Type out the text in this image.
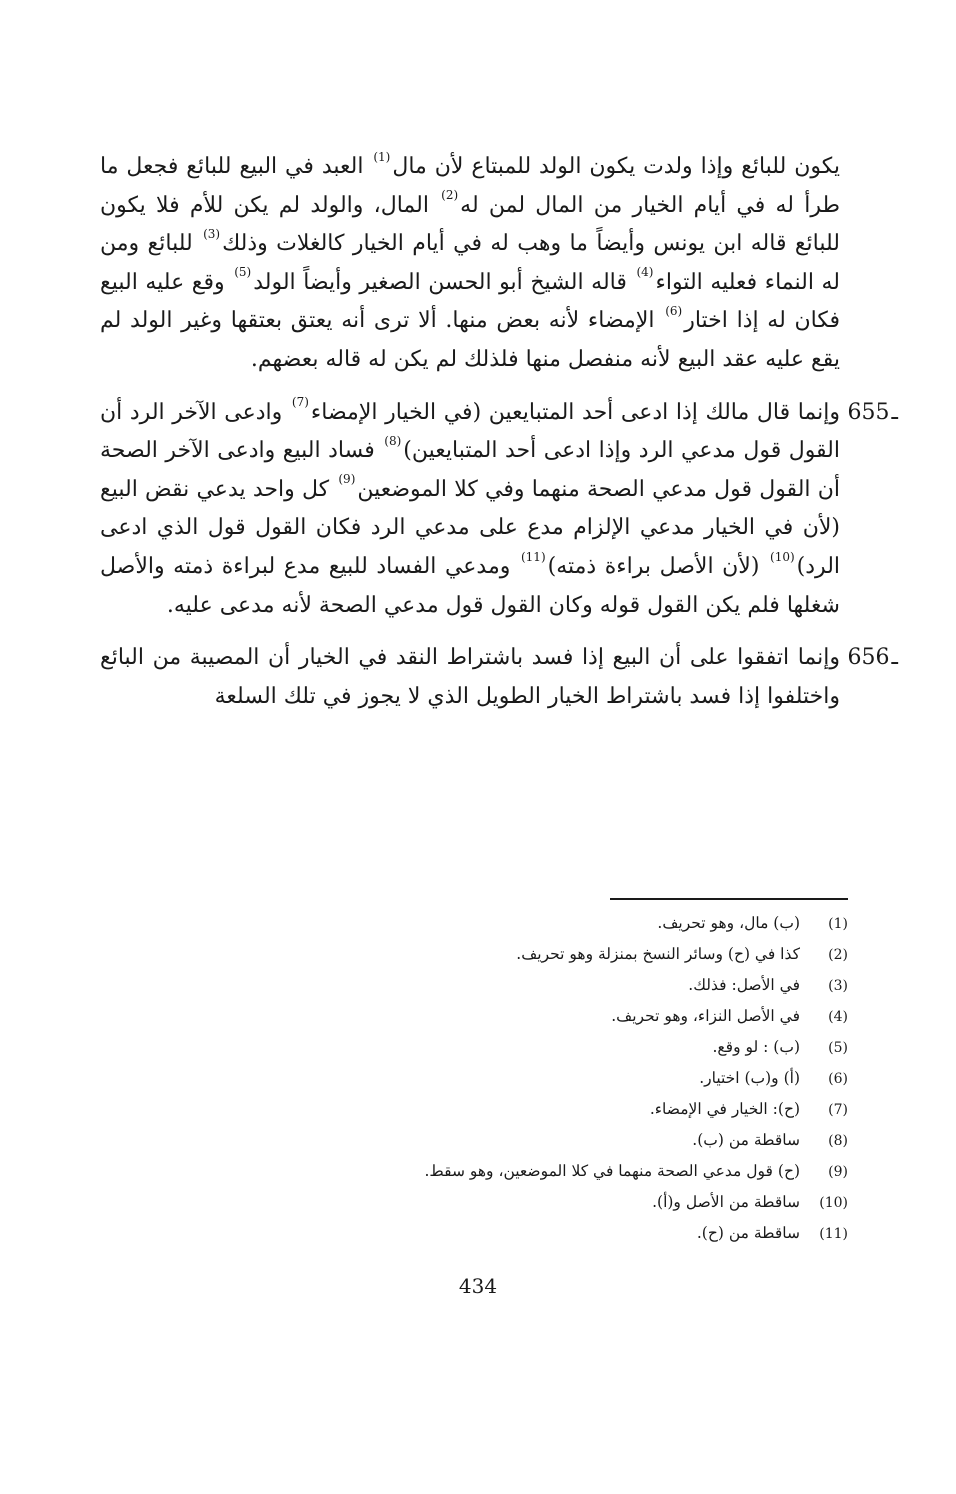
يكون للبائع وإذا ولدت يكون الولد للمبتاع لأن مال$^{(1)}$ العبد في البيع للبائع فجعل ما طرأ له في أيام الخيار من المال لمن له$^{(2)}$ المال، والولد لم يكن للأم فلا يكون للبائع قاله ابن يونس وأيضاً ما وهب له في أيام الخيار كالغلات وذلك$^{(3)}$ للبائع ومن له النماء فعليه التواء$^{(4)}$ قاله الشيخ أبو الحسن الصغير وأيضاً الولد$^{(5)}$ وقع عليه البيع فكان له إذا اختار$^{(6)}$ الإمضاء لأنه بعض منها. ألا ترى أنه يعتق بعتقها وغير الولد لم يقع عليه عقد البيع لأنه منفصل منها فلذلك لم يكن له قاله بعضهم.

655ـ

وإنما قال مالك إذا ادعى أحد المتبايعين (في الخيار الإمضاء$^{(7)}$ وادعى الآخر الرد أن القول قول مدعي الرد وإذا ادعى أحد المتبايعين)$^{(8)}$ فساد البيع وادعى الآخر الصحة أن القول قول مدعي الصحة منهما وفي كلا الموضعين$^{(9)}$ كل واحد يدعي نقض البيع (لأن في الخيار مدعي الإلزام مدع على مدعي الرد فكان القول قول الذي ادعى الرد)$^{(10)}$ (لأن الأصل براءة ذمته)$^{(11)}$ ومدعي الفساد للبيع مدع لبراءة ذمته والأصل شغلها فلم يكن القول قوله وكان القول قول مدعي الصحة لأنه مدعى عليه.

656ـ

وإنما اتفقوا على أن البيع إذا فسد باشتراط النقد في الخيار أن المصيبة من البائع واختلفوا إذا فسد باشتراط الخيار الطويل الذي لا يجوز في تلك السلعة

(1)
(ب) مال، وهو تحريف.
(2)
كذا في (ح) وسائر النسخ بمنزلة وهو تحريف.
(3)
في الأصل: فذلك.
(4)
في الأصل النزاء، وهو تحريف.
(5)
(ب) : لو وقع.
(6)
(أ) و(ب) اختيار.
(7)
(ح): الخيار في الإمضاء.
(8)
ساقطة من (ب).
(9)
(ح) قول مدعي الصحة منهما في كلا الموضعين، وهو سقط.
(10)
ساقطة من الأصل و(أ).
(11)
ساقطة من (ح).
434
